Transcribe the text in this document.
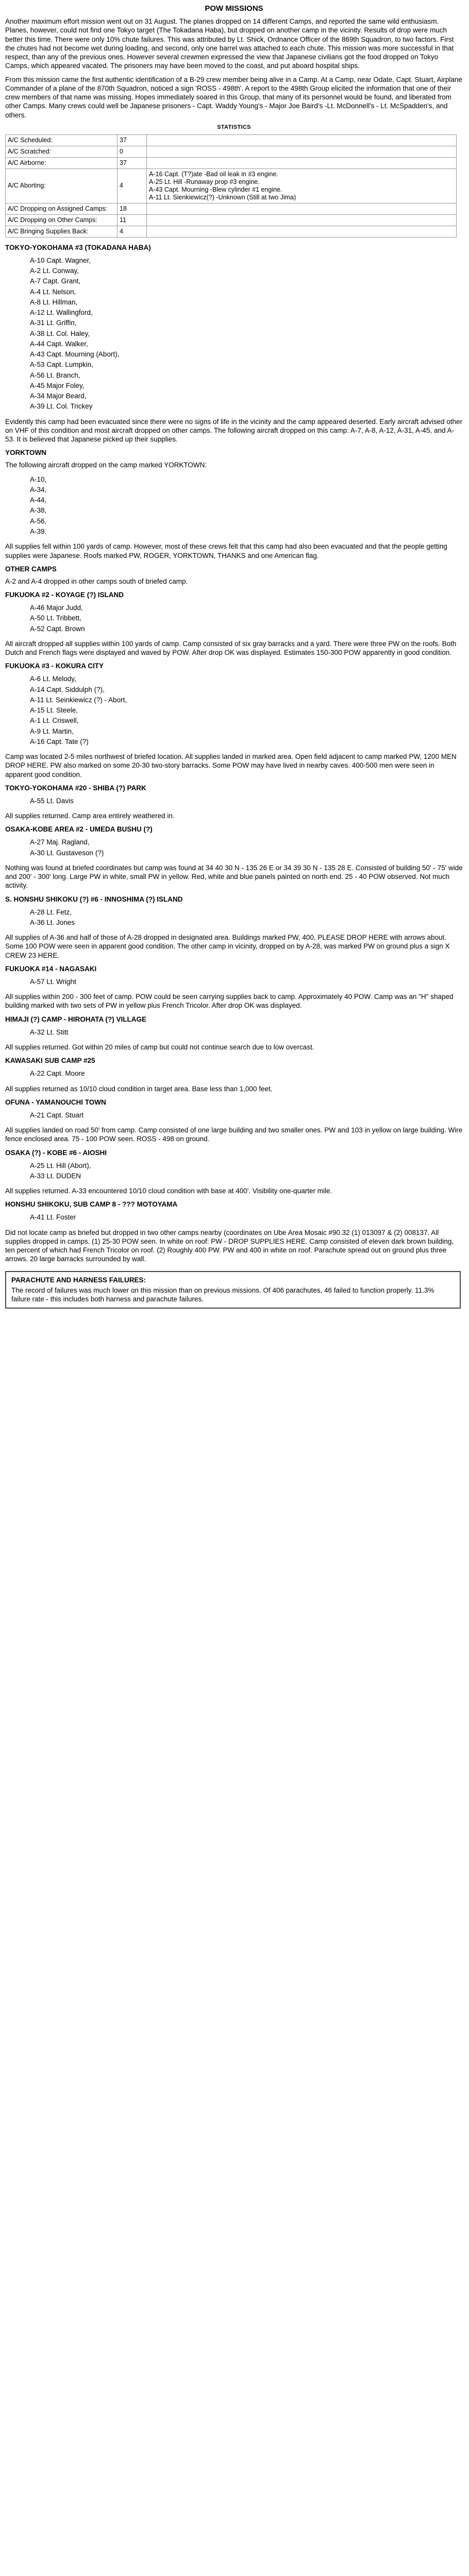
POW MISSIONS

Another maximum effort mission went out on 31 August. The planes dropped on 14 different Camps, and reported the same wild enthusiasm. Planes, however, could not find one Tokyo target (The Tokadana Haba), but dropped on another camp in the vicinity. Results of drop were much better this time. There were only 10% chute failures. This was attributed by Lt. Shick, Ordnance Officer of the 869th Squadron, to two factors. First the chutes had not become wet during loading, and second, only one barrel was attached to each chute. This mission was more successful in that respect, than any of the previous ones. However several crewmen expressed the view that Japanese civilians got the food dropped on Tokyo Camps, which appeared vacated. The prisoners may have been moved to the coast, and put aboard hospital ships.

From this mission came the first authentic identification of a B-29 crew member being alive in a Camp. At a Camp, near Odate, Capt. Stuart, Airplane Commander of a plane of the 870th Squadron, noticed a sign 'ROSS - 498th'. A report to the 498th Group elicited the information that one of their crew members of that name was missing. Hopes immediately soared in this Group, that many of its personnel would be found, and liberated from other Camps. Many crews could well be Japanese prisoners - Capt. Waddy Young's - Major Joe Baird's -Lt. McDonnell's - Lt. McSpadden's, and others.

STATISTICS
A/C Scheduled:	37	
A/C Scratched:	0	
A/C Airborne:	37	
A/C Aborting:	4	A-16 Capt. (T?)ate -Bad oil leak in #3 engine.
A-25 Lt. Hill -Runaway prop #3 engine.
A-43 Capt. Mourning -Blew cylinder #1 engine.
A-11 Lt. Sienkiewicz(?) -Unknown (Still at Iwo Jima)

A/C Dropping on Assigned Camps:	18	
A/C Dropping on Other Camps:	11	
A/C Bringing Supplies Back:	4	
TOKYO-YOKOHAMA #3 (TOKADANA HABA)
A-10 Capt. Wagner,
A-2 Lt. Conway,
A-7 Capt. Grant,
A-4 Lt. Nelson,
A-8 Lt. Hillman,
A-12 Lt. Wallingford,
A-31 Lt. Griffin,
A-38 Lt. Col. Haley,
A-44 Capt. Walker,
A-43 Capt. Mourning (Abort),
A-53 Capt. Lumpkin,
A-56 Lt. Branch,
A-45 Major Foley,
A-34 Major Beard,
A-39 Lt. Col. Trickey

Evidently this camp had been evacuated since there were no signs of life in the vicinity and the camp appeared deserted. Early aircraft advised other on VHF of this condition and most aircraft dropped on other camps. The following aircraft dropped on this camp: A-7, A-8, A-12, A-31, A-45, and A-53. It is believed that Japanese picked up their supplies.

YORKTOWN

The following aircraft dropped on the camp marked YORKTOWN:

A-10,
A-34,
A-44,
A-38,
A-56,
A-39.

All supplies fell within 100 yards of camp. However, most of these crews felt that this camp had also been evacuated and that the people getting supplies were Japanese. Roofs marked PW, ROGER, YORKTOWN, THANKS and one American flag.

OTHER CAMPS

A-2 and A-4 dropped in other camps south of briefed camp.

FUKUOKA #2 - KOYAGE (?) ISLAND
A-46 Major Judd,
A-50 Lt. Tribbett,
A-52 Capt. Brown

All aircraft dropped all supplies within 100 yards of camp. Camp consisted of six gray barracks and a yard. There were three PW on the roofs. Both Dutch and French flags were displayed and waved by POW. After drop OK was displayed. Estimates 150-300 POW apparently in good condition.

FUKUOKA #3 - KOKURA CITY
A-6 Lt. Melody,
A-14 Capt. Siddulph (?),
A-11 Lt. Seinkiewicz (?) - Abort,
A-15 Lt. Steele,
A-1 Lt. Criswell,
A-9 Lt. Martin,
A-16 Capt. Tate (?)

Camp was located 2-5 miles northwest of briefed location. All supplies landed in marked area. Open field adjacent to camp marked PW, 1200 MEN DROP HERE. PW also marked on some 20-30 two-story barracks. Some POW may have lived in nearby caves. 400-500 men were seen in apparent good condition.

TOKYO-YOKOHAMA #20 - SHIBA (?) PARK
A-55 Lt. Davis

All supplies returned. Camp area entirely weathered in.

OSAKA-KOBE AREA #2 - UMEDA BUSHU (?)
A-27 Maj. Ragland,
A-30 Lt. Gustaveson (?)

Nothing was found at briefed coordinates but camp was found at 34 40 30 N - 135 26 E or 34 39 30 N - 135 28 E. Consisted of building 50' - 75' wide and 200' - 300' long. Large PW in white, small PW in yellow. Red, white and blue panels painted on north end. 25 - 40 POW observed. Not much activity.

S. HONSHU SHIKOKU (?) #6 - INNOSHIMA (?) ISLAND
A-28 Lt. Fetz,
A-36 Lt. Jones

All supplies of A-36 and half of those of A-28 dropped in designated area. Buildings marked PW, 400, PLEASE DROP HERE with arrows about. Some 100 POW were seen in apparent good condition. The other camp in vicinity, dropped on by A-28, was marked PW on ground plus a sign X CREW 23 HERE.

FUKUOKA #14 - NAGASAKI
A-57 Lt. Wright

All supplies within 200 - 300 feet of camp. POW could be seen carrying supplies back to camp. Approximately 40 POW. Camp was an "H" shaped building marked with two sets of PW in yellow plus French Tricolor. After drop OK was displayed.

HIMAJI (?) CAMP - HIROHATA (?) VILLAGE
A-32 Lt. Stitt

All supplies returned. Got within 20 miles of camp but could not continue search due to low overcast.

KAWASAKI SUB CAMP #25
A-22 Capt. Moore

All supplies returned as 10/10 cloud condition in target area. Base less than 1,000 feet.

OFUNA - YAMANOUCHI TOWN
A-21 Capt. Stuart

All supplies landed on road 50' from camp. Camp consisted of one large building and two smaller ones. PW and 103 in yellow on large building. Wire fence enclosed area. 75 - 100 POW seen. ROSS - 498 on ground.

OSAKA (?) - KOBE #6 - AIOSHI
A-25 Lt. Hill (Abort),
A-33 Lt. DUDEN

All supplies returned. A-33 encountered 10/10 cloud condition with base at 400'. Visibility one-quarter mile.

HONSHU SHIKOKU, SUB CAMP 8 - ??? MOTOYAMA
A-41 Lt. Foster

Did not locate camp as briefed but dropped in two other camps nearby (coordinates on Ube Area Mosaic #90.32 (1) 013097 & (2) 008137. All supplies dropped in camps. (1) 25-30 POW seen. In white on roof: PW - DROP SUPPLIES HERE. Camp consisted of eleven dark brown building, ten percent of which had French Tricolor on roof. (2) Roughly 400 PW. PW and 400 in white on roof. Parachute spread out on ground plus three arrows. 20 large barracks surrounded by wall.

PARACHUTE AND HARNESS FAILURES:

The record of failures was much lower on this mission than on previous missions. Of 406 parachutes, 46 failed to function properly. 11.3% failure rate - this includes both harness and parachute failures.
